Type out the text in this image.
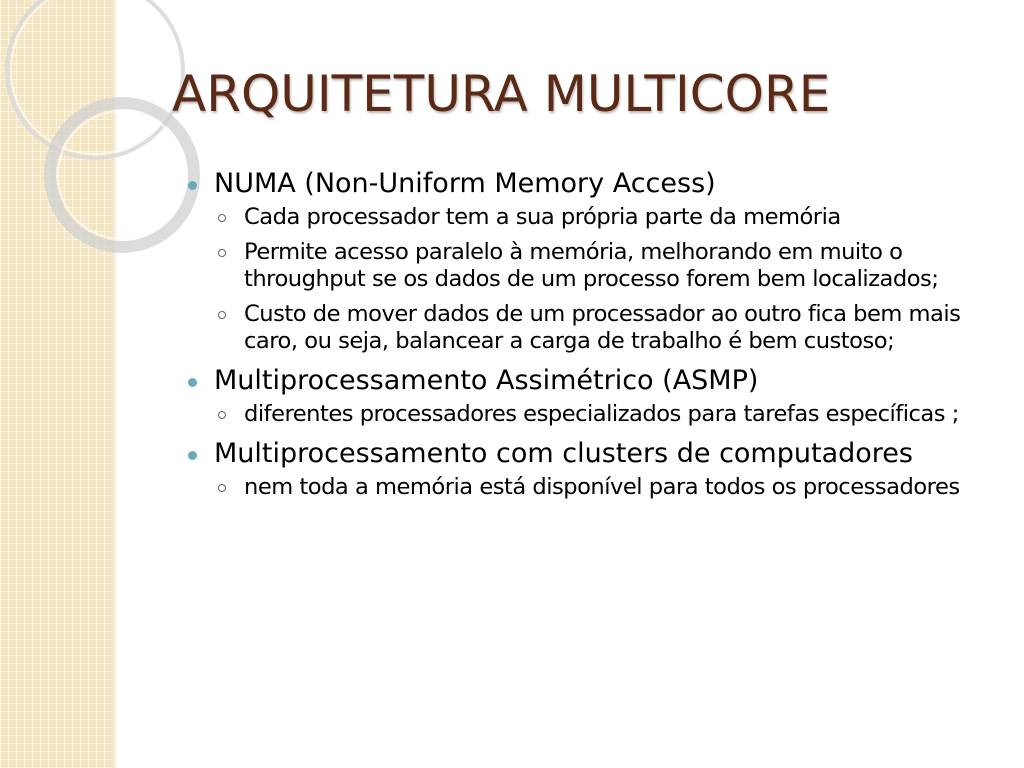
ARQUITETURA MULTICORE
NUMA (Non-Uniform Memory Access)
Cada processador tem a sua própria parte da memória
Permite acesso paralelo à memória, melhorando em muito o throughput se os dados de um processo forem bem localizados;
Custo de mover dados de um processador ao outro fica bem mais caro, ou seja, balancear a carga de trabalho é bem custoso;
Multiprocessamento Assimétrico (ASMP)
diferentes processadores especializados para tarefas específicas ;
Multiprocessamento com clusters de computadores
nem toda a memória está disponível para todos os processadores
